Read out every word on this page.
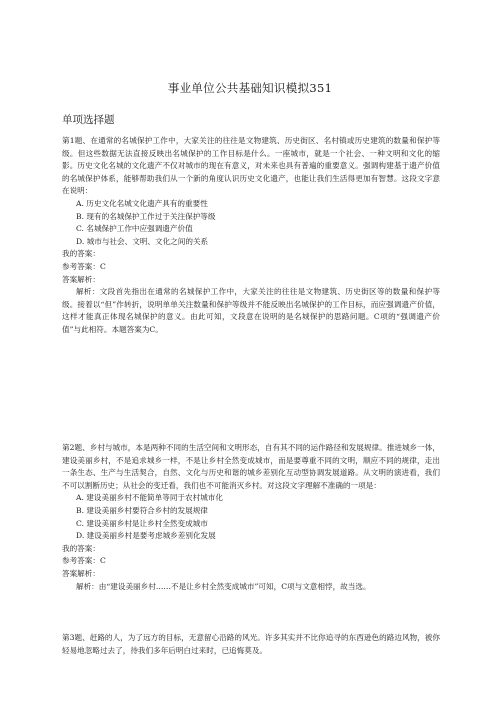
事业单位公共基础知识模拟351
单项选择题

第1题、在通常的名城保护工作中，大家关注的往往是文物建筑、历史街区、名村镇或历史建筑的数量和保护等级。但这些数据无法直接反映出名城保护的工作目标是什么。一座城市，就是一个社会、一种文明和文化的缩影。历史文化名城的文化遗产不仅对城市的现在有意义，对未来也具有普遍的重要意义。强调构建基于遗产价值的名城保护体系，能够帮助我们从一个新的角度认识历史文化遗产，也能让我们生活得更加有智慧。这段文字意在说明：

A. 历史文化名城文化遗产具有的重要性

B. 现有的名城保护工作过于关注保护等级

C. 名城保护工作中应强调遗产价值

D. 城市与社会、文明、文化之间的关系

我的答案：

参考答案：C

答案解析：

解析：文段首先指出在通常的名城保护工作中，大家关注的往往是文物建筑、历史街区等的数量和保护等级。接着以“但”作转折，说明单单关注数量和保护等级并不能反映出名城保护的工作目标，而应强调遗产价值，这样才能真正体现名城保护的意义。由此可知，文段意在说明的是名城保护的思路问题。C项的“强调遗产价值”与此相符。本题答案为C。

第2题、乡村与城市，本是两种不同的生活空间和文明形态，自有其不同的运作路径和发展规律。推进城乡一体，建设美丽乡村，不是追求城乡一样，不是让乡村全然变成城市，而是要尊重不同的文明，顺应不同的规律，走出一条生态、生产与生活契合，自然、文化与历史和谐的城乡差别化互动型协调发展道路。从文明的演进看，我们不可以割断历史；从社会的变迁看，我们也不可能消灭乡村。对这段文字理解不准确的一项是：

A. 建设美丽乡村不能简单等同于农村城市化

B. 建设美丽乡村要符合乡村的发展规律

C. 建设美丽乡村是让乡村全然变成城市

D. 建设美丽乡村是要考虑城乡差别化发展

我的答案：

参考答案：C

答案解析：

解析：由“建设美丽乡村……不是让乡村全然变成城市”可知，C项与文意相悖，故当选。

第3题、赶路的人，为了远方的目标，无意留心沿路的风光。许多其实并不比你追寻的东西逊色的路边风物，被你轻易地忽略过去了，待我们多年后明白过来时，已追悔莫及。
